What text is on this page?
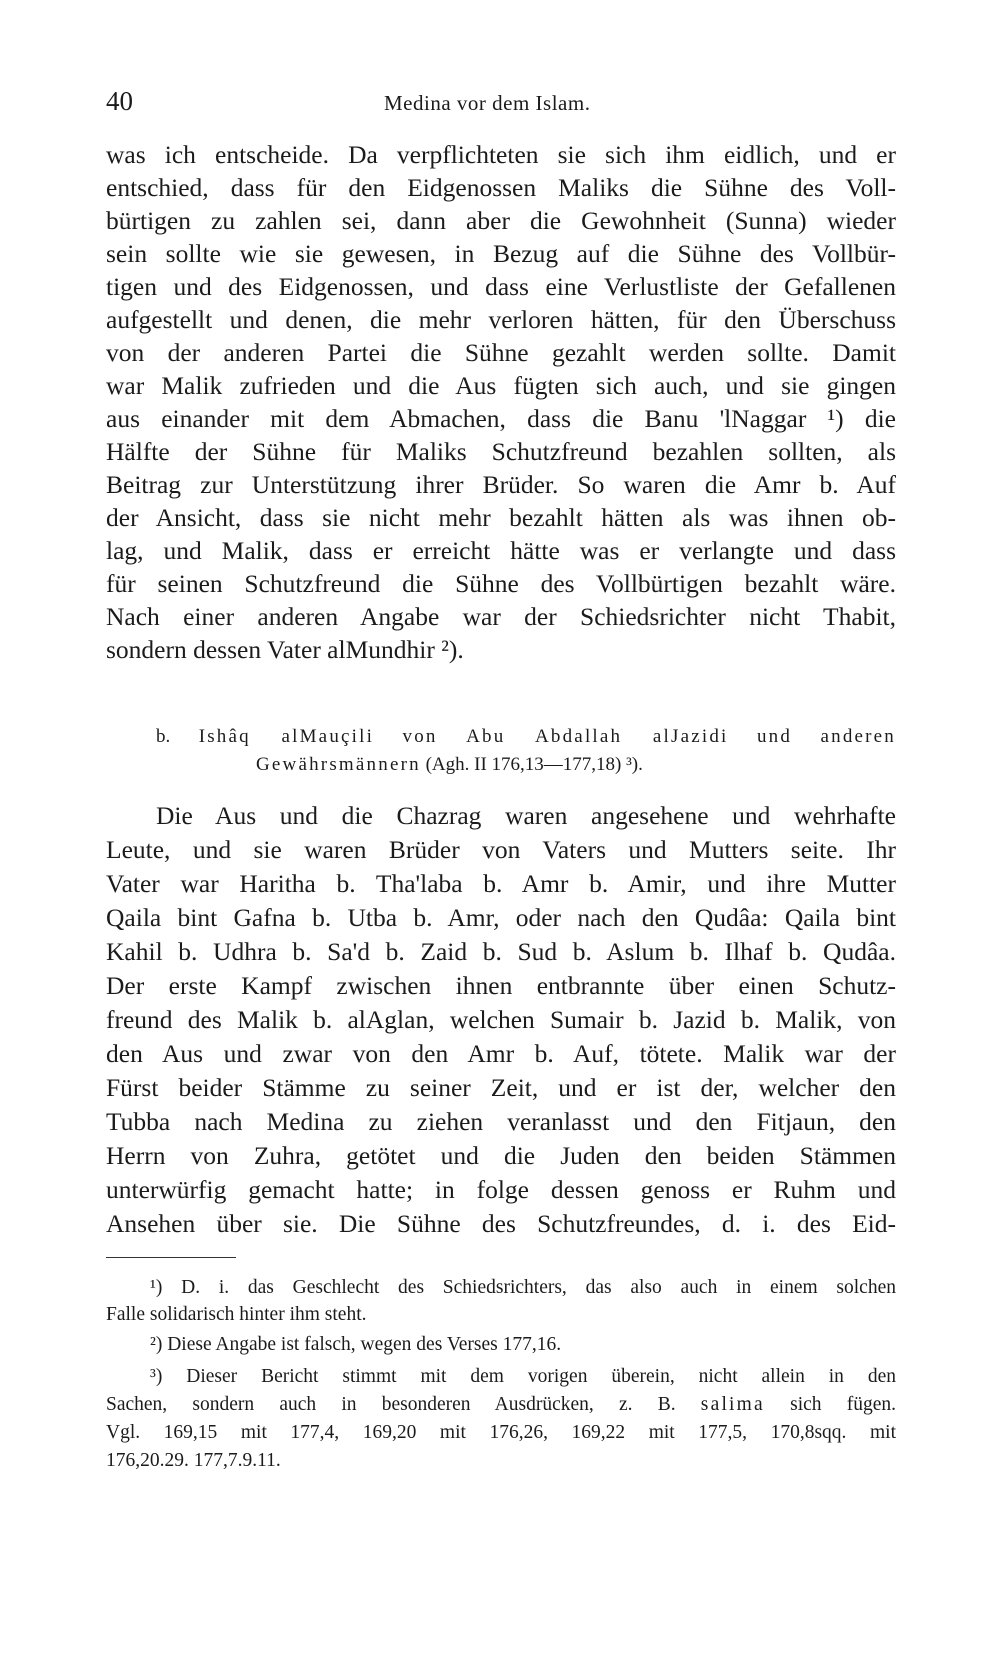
40	Medina vor dem Islam.
was ich entscheide. Da verpflichteten sie sich ihm eidlich, und er
entschied, dass für den Eidgenossen Maliks die Sühne des Voll-
bürtigen zu zahlen sei, dann aber die Gewohnheit (Sunna) wieder
sein sollte wie sie gewesen, in Bezug auf die Sühne des Vollbür-
tigen und des Eidgenossen, und dass eine Verlustliste der Gefallenen
aufgestellt und denen, die mehr verloren hätten, für den Überschuss
von der anderen Partei die Sühne gezahlt werden sollte. Damit
war Malik zufrieden und die Aus fügten sich auch, und sie gingen
aus einander mit dem Abmachen, dass die Banu 'lNaggar ¹) die
Hälfte der Sühne für Maliks Schutzfreund bezahlen sollten, als
Beitrag zur Unterstützung ihrer Brüder. So waren die Amr b. Auf
der Ansicht, dass sie nicht mehr bezahlt hätten als was ihnen ob-
lag, und Malik, dass er erreicht hätte was er verlangte und dass
für seinen Schutzfreund die Sühne des Vollbürtigen bezahlt wäre.
Nach einer anderen Angabe war der Schiedsrichter nicht Thabit,
sondern dessen Vater alMundhir ²).
b. Ishâq alMauçili von Abu Abdallah alJazidi und anderen
Gewährsmännern (Agh. II 176,13—177,18) ³).
Die Aus und die Chazrag waren angesehene und wehrhafte
Leute, und sie waren Brüder von Vaters und Mutters seite. Ihr
Vater war Haritha b. Tha'laba b. Amr b. Amir, und ihre Mutter
Qaila bint Gafna b. Utba b. Amr, oder nach den Qudâa: Qaila bint
Kahil b. Udhra b. Sa'd b. Zaid b. Sud b. Aslum b. Ilhaf b. Qudâa.
Der erste Kampf zwischen ihnen entbrannte über einen Schutz-
freund des Malik b. alAglan, welchen Sumair b. Jazid b. Malik, von
den Aus und zwar von den Amr b. Auf, tötete. Malik war der
Fürst beider Stämme zu seiner Zeit, und er ist der, welcher den
Tubba nach Medina zu ziehen veranlasst und den Fitjaun, den
Herrn von Zuhra, getötet und die Juden den beiden Stämmen
unterwürfig gemacht hatte; in folge dessen genoss er Ruhm und
Ansehen über sie. Die Sühne des Schutzfreundes, d. i. des Eid-
¹) D. i. das Geschlecht des Schiedsrichters, das also auch in einem solchen
Falle solidarisch hinter ihm steht.
²) Diese Angabe ist falsch, wegen des Verses 177,16.
³) Dieser Bericht stimmt mit dem vorigen überein, nicht allein in den
Sachen, sondern auch in besonderen Ausdrücken, z. B. salima sich fügen.
Vgl. 169,15 mit 177,4, 169,20 mit 176,26, 169,22 mit 177,5, 170,8sqq. mit
176,20.29. 177,7.9.11.
